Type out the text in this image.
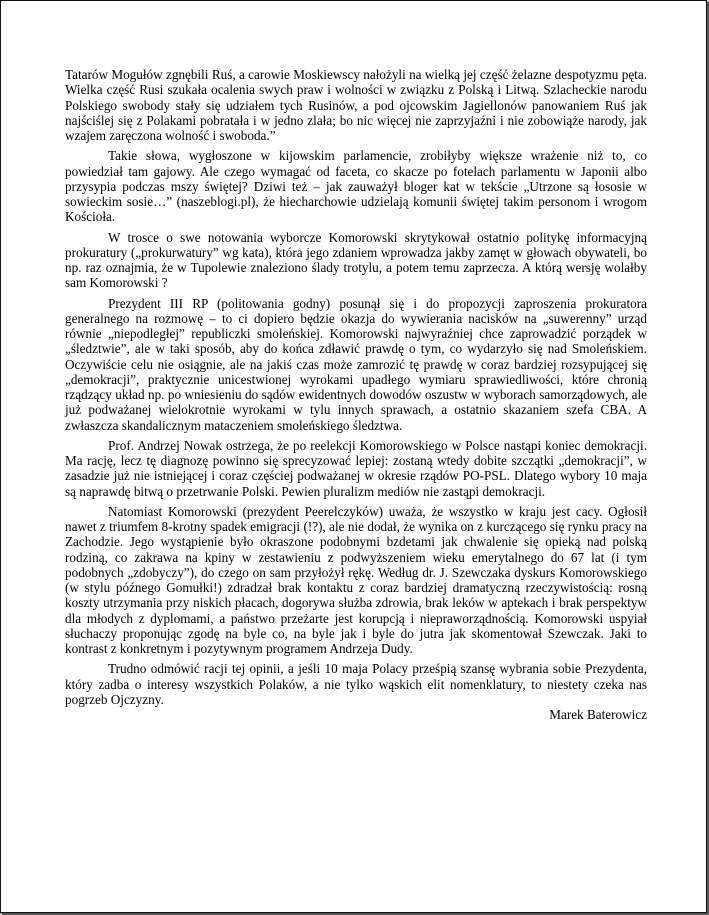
Tatarów Mogułów zgnębili Ruś, a carowie Moskiewscy nałożyli na wielką jej część żelazne despotyzmu pęta. Wielka część Rusi szukała ocalenia swych praw i wolności w związku z Polską i Litwą. Szlacheckie narodu Polskiego swobody stały się udziałem tych Rusinów, a pod ojcowskim Jagiellonów panowaniem Ruś jak najściślej się z Polakami pobratała i w jedno zlała; bo nic więcej nie zaprzyjaźni i nie zobowiąże narody, jak wzajem zaręczona wolność i swoboda.”

Takie słowa, wygłoszone w kijowskim parlamencie, zrobiłyby większe wrażenie niż to, co powiedział tam gajowy. Ale czego wymagać od faceta, co skacze po fotelach parlamentu w Japonii albo przysypia podczas mszy świętej? Dziwi też – jak zauważył bloger kat w tekście „Utrzone są łososie w sowieckim sosie…” (naszeblogi.pl), że hiecharchowie udzielają komunii świętej takim personom i wrogom Kościoła.

W trosce o swe notowania wyborcze Komorowski skrytykował ostatnio politykę informacyjną prokuratury („prokurwatury” wg kata), która jego zdaniem wprowadza jakby zamęt w głowach obywateli, bo np. raz oznajmia, że w Tupolewie znaleziono ślady trotylu, a potem temu zaprzecza. A którą wersję wolałby sam Komorowski ?

Prezydent III RP (politowania godny) posunął się i do propozycji zaproszenia prokuratora generalnego na rozmowę – to ci dopiero będzie okazja do wywierania nacisków na „suwerenny” urząd równie „niepodległej” republiczki smoleńskiej. Komorowski najwyraźniej chce zaprowadzić porządek w „śledztwie”, ale w taki sposób, aby do końca zdławić prawdę o tym, co wydarzyło się nad Smoleńskiem. Oczywiście celu nie osiągnie, ale na jakiś czas może zamrozić tę prawdę w coraz bardziej rozsypującej się „demokracji”, praktycznie unicestwionej wyrokami upadłego wymiaru sprawiedliwości, które chronią rządzący układ np. po wniesieniu do sądów ewidentnych dowodów oszustw w wyborach samorządowych, ale już podważanej wielokrotnie wyrokami w tylu innych sprawach, a ostatnio skazaniem szefa CBA. A zwłaszcza skandalicznym mataczeniem smoleńskiego śledztwa.

Prof. Andrzej Nowak ostrzega, że po reelekcji Komorowskiego w Polsce nastąpi koniec demokracji. Ma rację, lecz tę diagnozę powinno się sprecyzować lepiej: zostaną wtedy dobite szczątki „demokracji”, w zasadzie już nie istniejącej i coraz częściej podważanej w okresie rządów PO-PSL. Dlatego wybory 10 maja są naprawdę bitwą o przetrwanie Polski. Pewien pluralizm mediów nie zastąpi demokracji.

Natomiast Komorowski (prezydent Peerelczyków) uważa, że wszystko w kraju jest cacy. Ogłosił nawet z triumfem 8-krotny spadek emigracji (!?), ale nie dodał, że wynika on z kurczącego się rynku pracy na Zachodzie. Jego wystąpienie było okraszone podobnymi bzdetami jak chwalenie się opieką nad polską rodziną, co zakrawa na kpiny w zestawieniu z podwyższeniem wieku emerytalnego do 67 lat (i tym podobnych „zdobyczy”), do czego on sam przyłożył rękę. Według dr. J. Szewczaka dyskurs Komorowskiego (w stylu późnego Gomułki!) zdradzał brak kontaktu z coraz bardziej dramatyczną rzeczywistością: rosną koszty utrzymania przy niskich płacach, dogorywa służba zdrowia, brak leków w aptekach i brak perspektyw dla młodych z dyplomami, a państwo przeżarte jest korupcją i niepraworządnością. Komorowski uspyiał słuchaczy proponując zgodę na byle co, na byle jak i byle do jutra jak skomentował Szewczak. Jaki to kontrast z konkretnym i pozytywnym programem Andrzeja Dudy.

Trudno odmówić racji tej opinii, a jeśli 10 maja Polacy prześpią szansę wybrania sobie Prezydenta, który zadba o interesy wszystkich Polaków, a nie tylko wąskich elit nomenklatury, to niestety czeka nas pogrzeb Ojczyzny.

Marek Baterowicz
